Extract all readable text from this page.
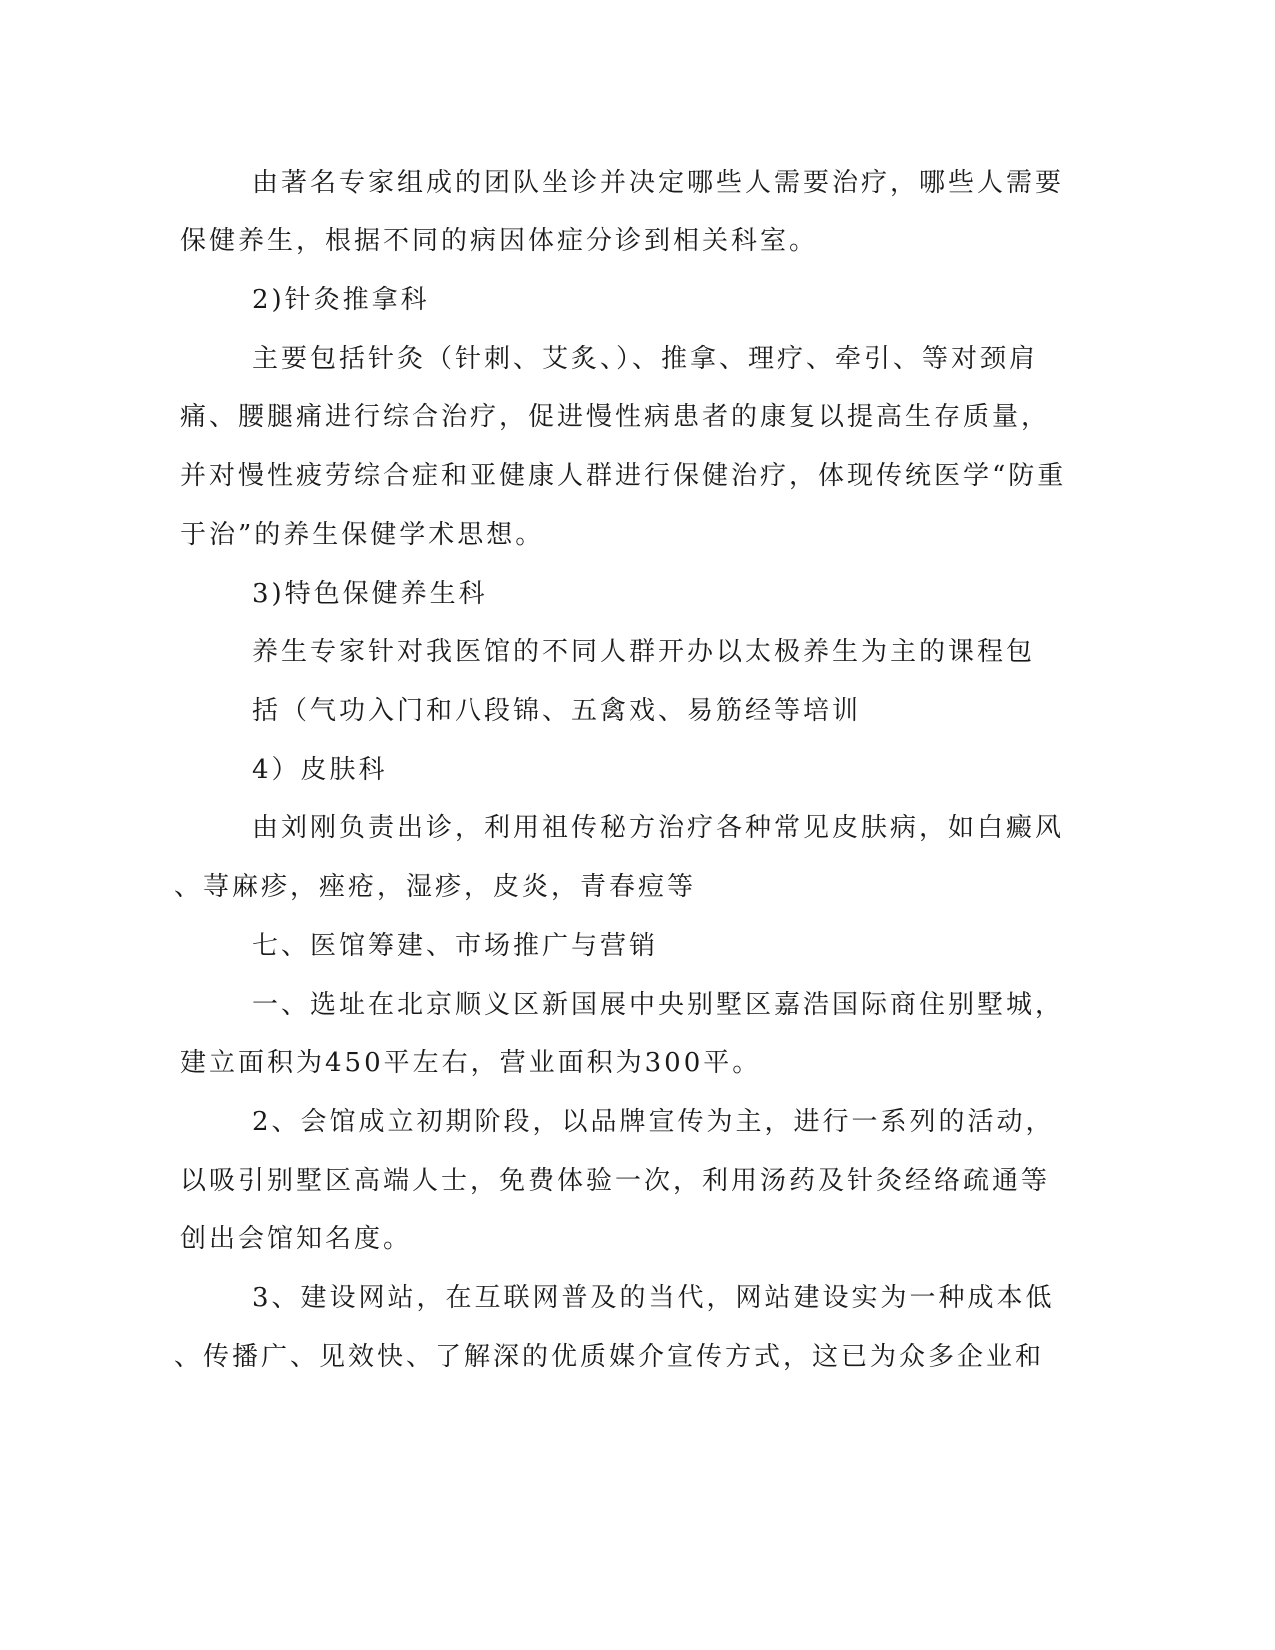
由著名专家组成的团队坐诊并决定哪些人需要治疗，哪些人需要
保健养生，根据不同的病因体症分诊到相关科室。
2)针灸推拿科
主要包括针灸（针刺、艾炙、）、推拿、理疗、牵引、等对颈肩
痛、腰腿痛进行综合治疗，促进慢性病患者的康复以提高生存质量，
并对慢性疲劳综合症和亚健康人群进行保健治疗，体现传统医学“防重
于治”的养生保健学术思想。
3)特色保健养生科
养生专家针对我医馆的不同人群开办以太极养生为主的课程包
括（气功入门和八段锦、五禽戏、易筋经等培训
4）皮肤科
由刘刚负责出诊，利用祖传秘方治疗各种常见皮肤病，如白癜风
、荨麻疹，痤疮，湿疹，皮炎，青春痘等
七、医馆筹建、市场推广与营销
一、选址在北京顺义区新国展中央别墅区嘉浩国际商住别墅城，
建立面积为450平左右，营业面积为300平。
2、会馆成立初期阶段，以品牌宣传为主，进行一系列的活动，
以吸引别墅区高端人士，免费体验一次，利用汤药及针灸经络疏通等
创出会馆知名度。
3、建设网站，在互联网普及的当代，网站建设实为一种成本低
、传播广、见效快、了解深的优质媒介宣传方式，这已为众多企业和
